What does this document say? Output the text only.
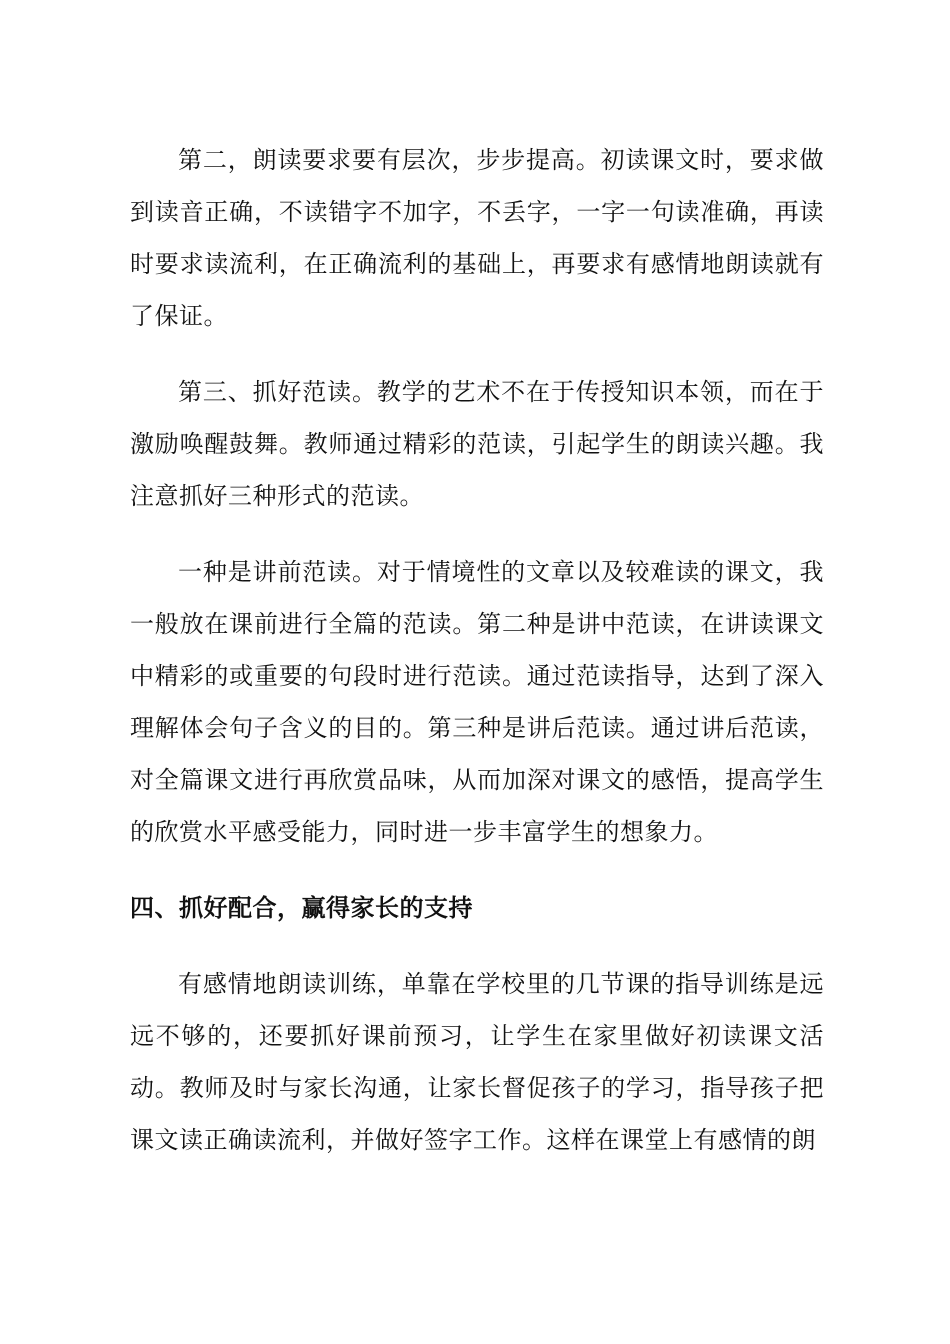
第二，朗读要求要有层次，步步提高。初读课文时，要求做到读音正确，不读错字不加字，不丢字，一字一句读准确，再读时要求读流利，在正确流利的基础上，再要求有感情地朗读就有了保证。

第三、抓好范读。教学的艺术不在于传授知识本领，而在于激励唤醒鼓舞。教师通过精彩的范读，引起学生的朗读兴趣。我注意抓好三种形式的范读。

一种是讲前范读。对于情境性的文章以及较难读的课文，我一般放在课前进行全篇的范读。第二种是讲中范读，在讲读课文中精彩的或重要的句段时进行范读。通过范读指导，达到了深入理解体会句子含义的目的。第三种是讲后范读。通过讲后范读，对全篇课文进行再欣赏品味，从而加深对课文的感悟，提高学生的欣赏水平感受能力，同时进一步丰富学生的想象力。

四、抓好配合，赢得家长的支持

有感情地朗读训练，单靠在学校里的几节课的指导训练是远远不够的，还要抓好课前预习，让学生在家里做好初读课文活动。教师及时与家长沟通，让家长督促孩子的学习，指导孩子把课文读正确读流利，并做好签字工作。这样在课堂上有感情的朗
